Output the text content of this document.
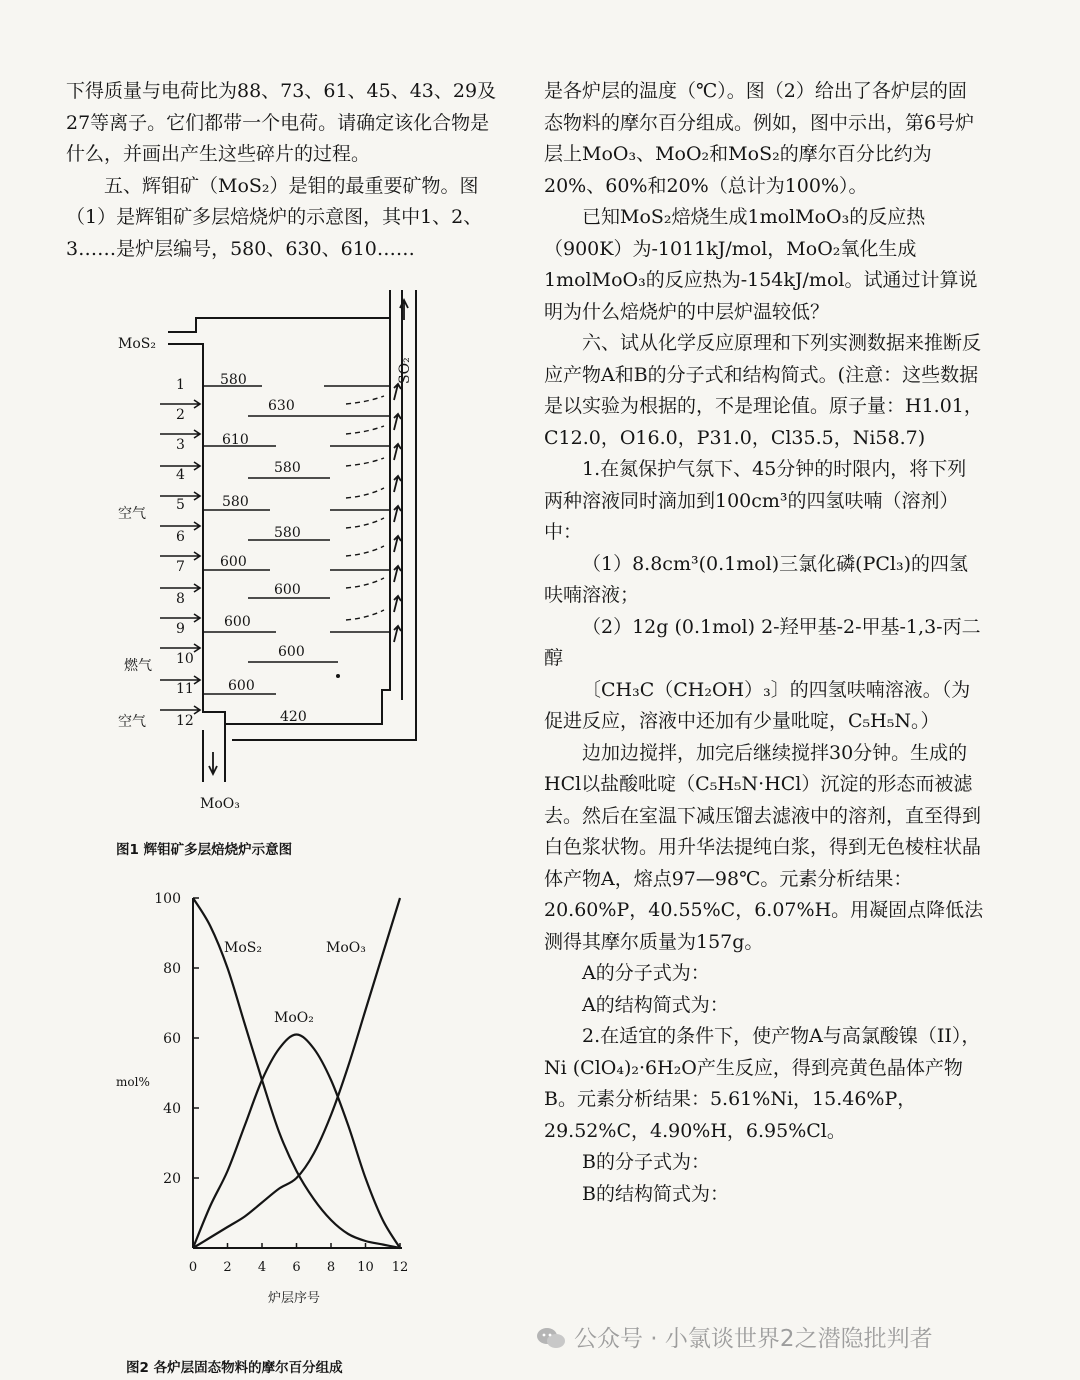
下得质量与电荷比为88、73、61、45、43、29及27等离子。它们都带一个电荷。请确定该化合物是什么，并画出产生这些碎片的过程。

五、辉钼矿（MoS₂）是钼的最重要矿物。图（1）是辉钼矿多层焙烧炉的示意图，其中1、2、3……是炉层编号，580、630、610……

MoS₂
MoO₃
SO₂
空气
燃气
空气
1
2
3
4
5
6
7
8
9
10
11
12
580
630
610
580
580
580
600
600
600
600
600
420
图1 辉钼矿多层焙烧炉示意图
20
40
60
80
100
0 2 4 6 8 10 12
MoS₂
MoO₂
MoO₃
mol%
炉层序号
图2 各炉层固态物料的摩尔百分组成

是各炉层的温度（℃）。图（2）给出了各炉层的固态物料的摩尔百分组成。例如，图中示出，第6号炉层上MoO₃、MoO₂和MoS₂的摩尔百分比约为20%、60%和20%（总计为100%）。

已知MoS₂焙烧生成1molMoO₃的反应热（900K）为-1011kJ/mol，MoO₂氧化生成1molMoO₃的反应热为-154kJ/mol。试通过计算说明为什么焙烧炉的中层炉温较低？

六、试从化学反应原理和下列实测数据来推断反应产物A和B的分子式和结构简式。(注意：这些数据是以实验为根据的，不是理论值。原子量：H1.01，C12.0，O16.0，P31.0，Cl35.5，Ni58.7)

1.在氮保护气氛下、45分钟的时限内，将下列两种溶液同时滴加到100cm³的四氢呋喃（溶剂）中：

（1）8.8cm³(0.1mol)三氯化磷(PCl₃)的四氢呋喃溶液；

（2）12g (0.1mol) 2-羟甲基-2-甲基-1,3-丙二醇

〔CH₃C（CH₂OH）₃〕的四氢呋喃溶液。（为促进反应，溶液中还加有少量吡啶，C₅H₅N。）

边加边搅拌，加完后继续搅拌30分钟。生成的HCl以盐酸吡啶（C₅H₅N·HCl）沉淀的形态而被滤去。然后在室温下减压馏去滤液中的溶剂，直至得到白色浆状物。用升华法提纯白浆，得到无色棱柱状晶体产物A，熔点97—98℃。元素分析结果：20.60%P，40.55%C，6.07%H。用凝固点降低法测得其摩尔质量为157g。

A的分子式为：

A的结构简式为：

2.在适宜的条件下，使产物A与高氯酸镍（II），Ni (ClO₄)₂·6H₂O产生反应，得到亮黄色晶体产物B。元素分析结果：5.61%Ni，15.46%P，29.52%C，4.90%H，6.95%Cl。

B的分子式为：

B的结构简式为：

公众号 · 小氯谈世界2之潜隐批判者
